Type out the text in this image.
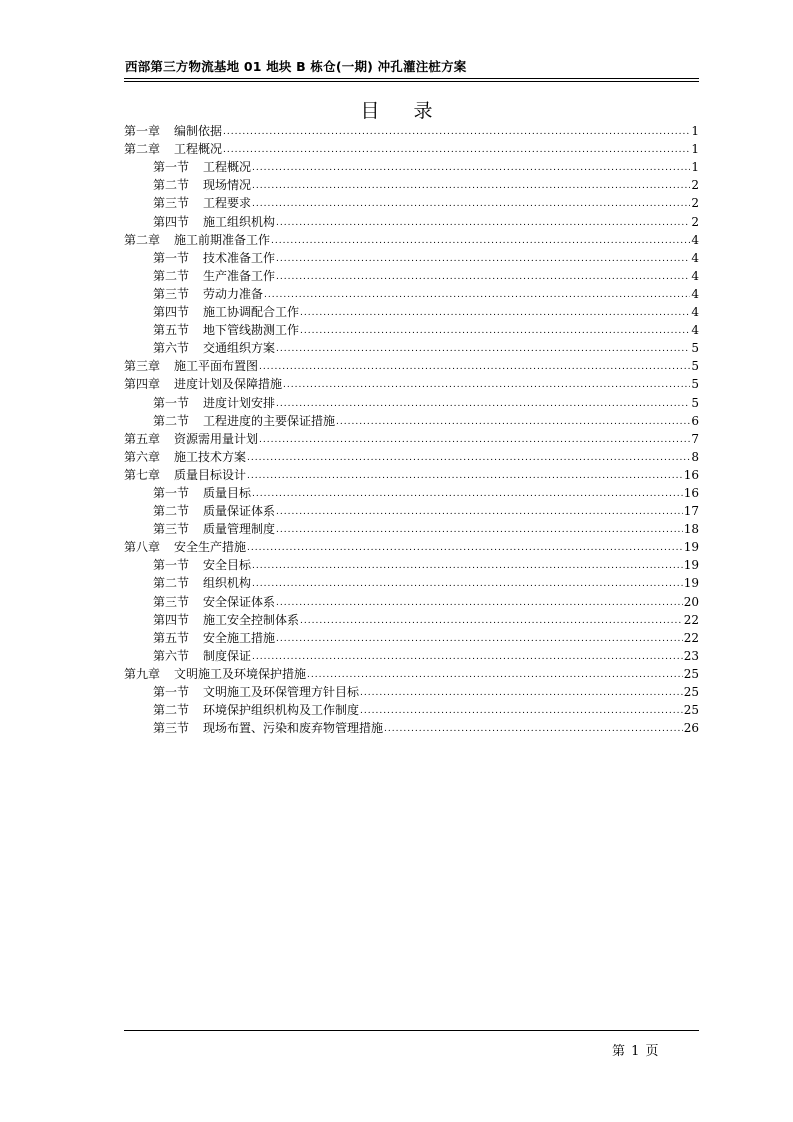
西部第三方物流基地 01 地块 B 栋仓(一期) 冲孔灌注桩方案
目录
第一章 编制依据 .....	1
第二章 工程概况 .....	1
第一节 工程概况 .....	1
第二节 现场情况 .....	2
第三节 工程要求 .....	2
第四节 施工组织机构 .....	2
第二章 施工前期准备工作 .....	4
第一节 技术准备工作 .....	4
第二节 生产准备工作 .....	4
第三节 劳动力准备 .....	4
第四节 施工协调配合工作 .....	4
第五节 地下管线勘测工作 .....	4
第六节 交通组织方案 .....	5
第三章 施工平面布置图 .....	5
第四章 进度计划及保障措施 .....	5
第一节 进度计划安排 .....	5
第二节 工程进度的主要保证措施 .....	6
第五章 资源需用量计划 .....	7
第六章 施工技术方案 .....	8
第七章 质量目标设计 .....	16
第一节 质量目标 .....	16
第二节 质量保证体系 .....	17
第三节 质量管理制度 .....	18
第八章 安全生产措施 .....	19
第一节 安全目标 .....	19
第二节 组织机构 .....	19
第三节 安全保证体系 .....	20
第四节 施工安全控制体系 .....	22
第五节 安全施工措施 .....	22
第六节 制度保证 .....	23
第九章 文明施工及环境保护措施 .....	25
第一节 文明施工及环保管理方针目标 .....	25
第二节 环境保护组织机构及工作制度 .....	25
第三节 现场布置、污染和废弃物管理措施 .....	26
第 1 页
